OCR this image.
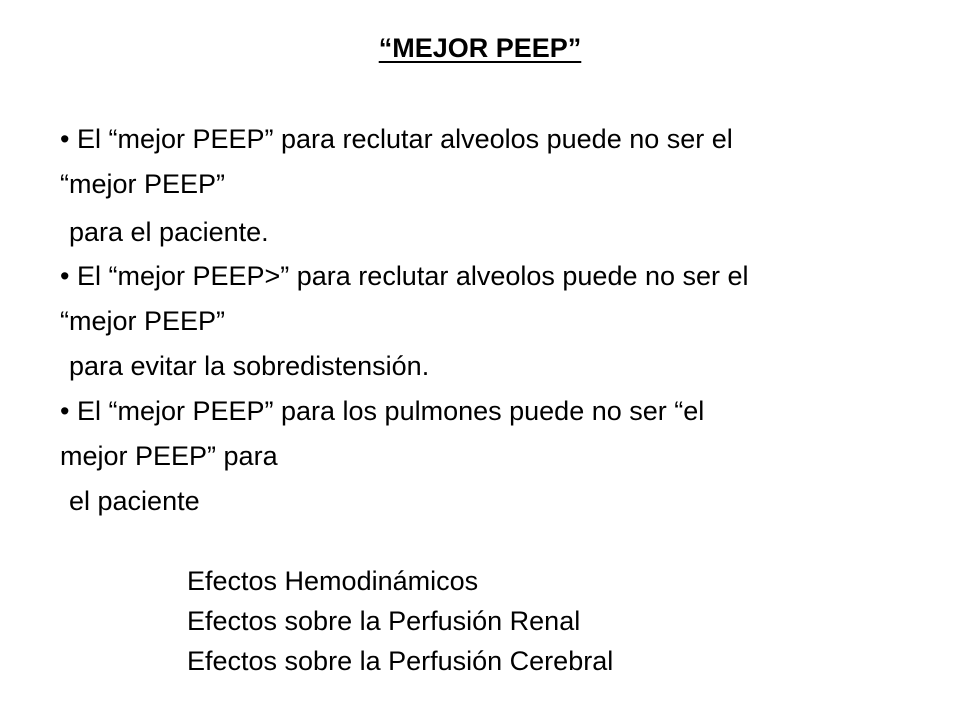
“MEJOR PEEP”
• El “mejor PEEP” para reclutar alveolos puede no ser el
“mejor PEEP”
para el paciente.
• El “mejor PEEP>” para reclutar alveolos puede no ser el
“mejor PEEP”
para evitar la sobredistensión.
• El “mejor PEEP” para los pulmones puede no ser “el
mejor PEEP” para
el paciente
Efectos Hemodinámicos
Efectos sobre la Perfusión Renal
Efectos sobre la Perfusión Cerebral
